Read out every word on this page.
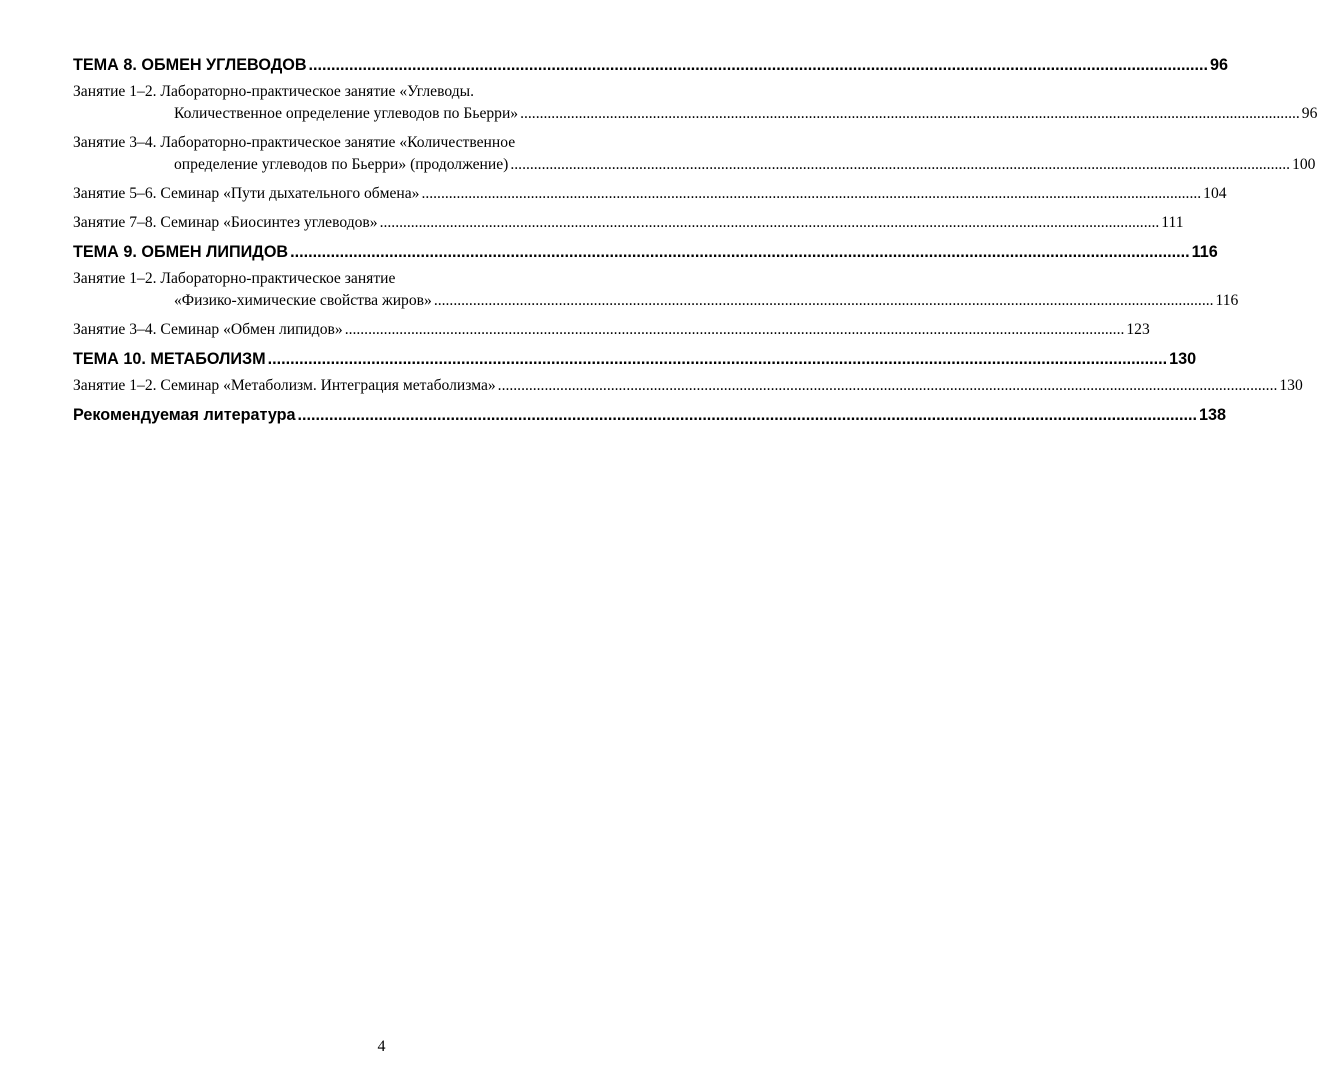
ТЕМА 8. ОБМЕН УГЛЕВОДОВ ........................................................................................................................................................................................................ 96
Занятие 1–2. Лабораторно-практическое занятие «Углеводы.
Количественное определение углеводов по Бьерри» ........................................................................................................................................................................................................ 96
Занятие 3–4. Лабораторно-практическое занятие «Количественное
определение углеводов по Бьерри» (продолжение) ........................................................................................................................................................................................................ 100
Занятие 5–6. Семинар «Пути дыхательного обмена» ........................................................................................................................................................................................................ 104
Занятие 7–8. Семинар «Биосинтез углеводов» ........................................................................................................................................................................................................ 111
ТЕМА 9. ОБМЕН ЛИПИДОВ ........................................................................................................................................................................................................ 116
Занятие 1–2. Лабораторно-практическое занятие
«Физико-химические свойства жиров» ........................................................................................................................................................................................................ 116
Занятие 3–4. Семинар «Обмен липидов» ........................................................................................................................................................................................................ 123
ТЕМА 10. МЕТАБОЛИЗМ ........................................................................................................................................................................................................ 130
Занятие 1–2. Семинар «Метаболизм. Интеграция метаболизма» ........................................................................................................................................................................................................ 130
Рекомендуемая литература ........................................................................................................................................................................................................ 138
4
